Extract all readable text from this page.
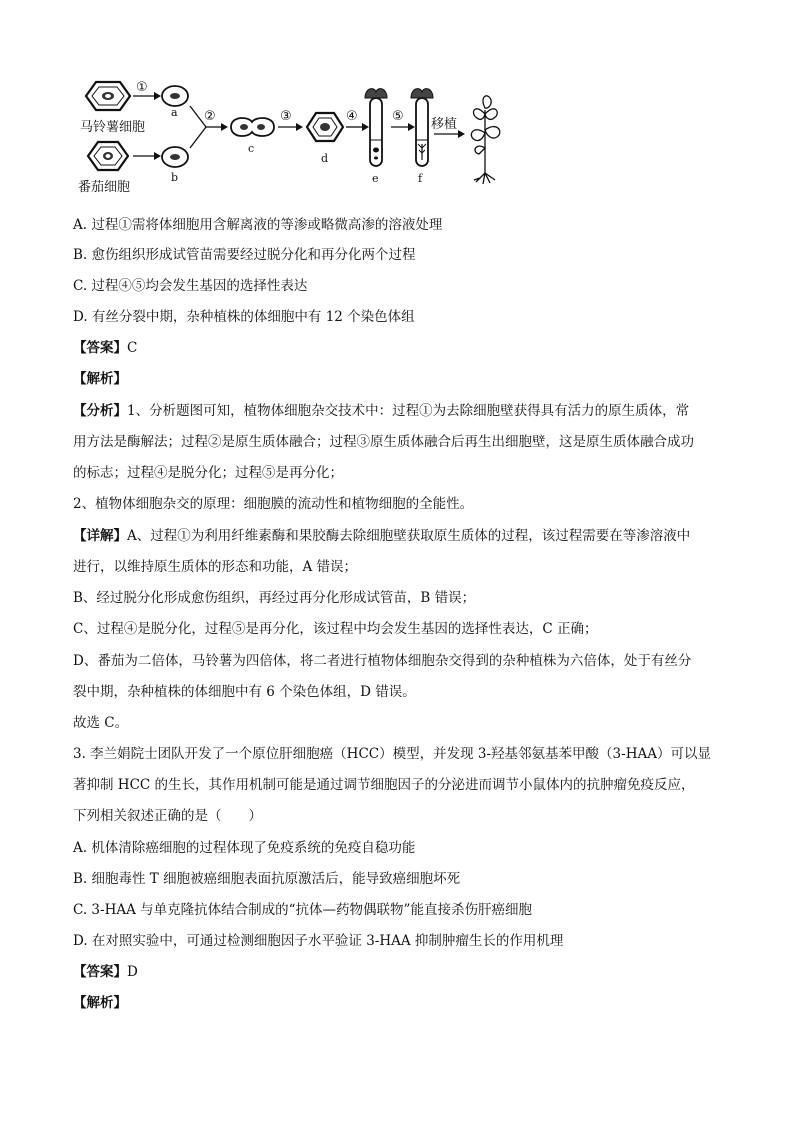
马铃薯细胞
番茄细胞
①
a
b
②
c
③
d
④
e
⑤
f
移植
A. 过程①需将体细胞用含解离液的等渗或略微高渗的溶液处理
B. 愈伤组织形成试管苗需要经过脱分化和再分化两个过程
C. 过程④⑤均会发生基因的选择性表达
D. 有丝分裂中期，杂种植株的体细胞中有 12 个染色体组
【答案】C
【解析】
【分析】1、分析题图可知，植物体细胞杂交技术中：过程①为去除细胞壁获得具有活力的原生质体，常
用方法是酶解法；过程②是原生质体融合；过程③原生质体融合后再生出细胞壁，这是原生质体融合成功
的标志；过程④是脱分化；过程⑤是再分化；
2、植物体细胞杂交的原理：细胞膜的流动性和植物细胞的全能性。
【详解】A、过程①为利用纤维素酶和果胶酶去除细胞壁获取原生质体的过程，该过程需要在等渗溶液中
进行，以维持原生质体的形态和功能，A 错误；
B、经过脱分化形成愈伤组织，再经过再分化形成试管苗，B 错误；
C、过程④是脱分化，过程⑤是再分化，该过程中均会发生基因的选择性表达，C 正确；
D、番茄为二倍体，马铃薯为四倍体，将二者进行植物体细胞杂交得到的杂种植株为六倍体，处于有丝分
裂中期，杂种植株的体细胞中有 6 个染色体组，D 错误。
故选 C。
3. 李兰娟院士团队开发了一个原位肝细胞癌（HCC）模型，并发现 3-羟基邻氨基苯甲酸（3-HAA）可以显
著抑制 HCC 的生长，其作用机制可能是通过调节细胞因子的分泌进而调节小鼠体内的抗肿瘤免疫反应，
下列相关叙述正确的是（　　）
A. 机体清除癌细胞的过程体现了免疫系统的免疫自稳功能
B. 细胞毒性 T 细胞被癌细胞表面抗原激活后，能导致癌细胞坏死
C. 3-HAA 与单克隆抗体结合制成的“抗体—药物偶联物”能直接杀伤肝癌细胞
D. 在对照实验中，可通过检测细胞因子水平验证 3-HAA 抑制肿瘤生长的作用机理
【答案】D
【解析】
